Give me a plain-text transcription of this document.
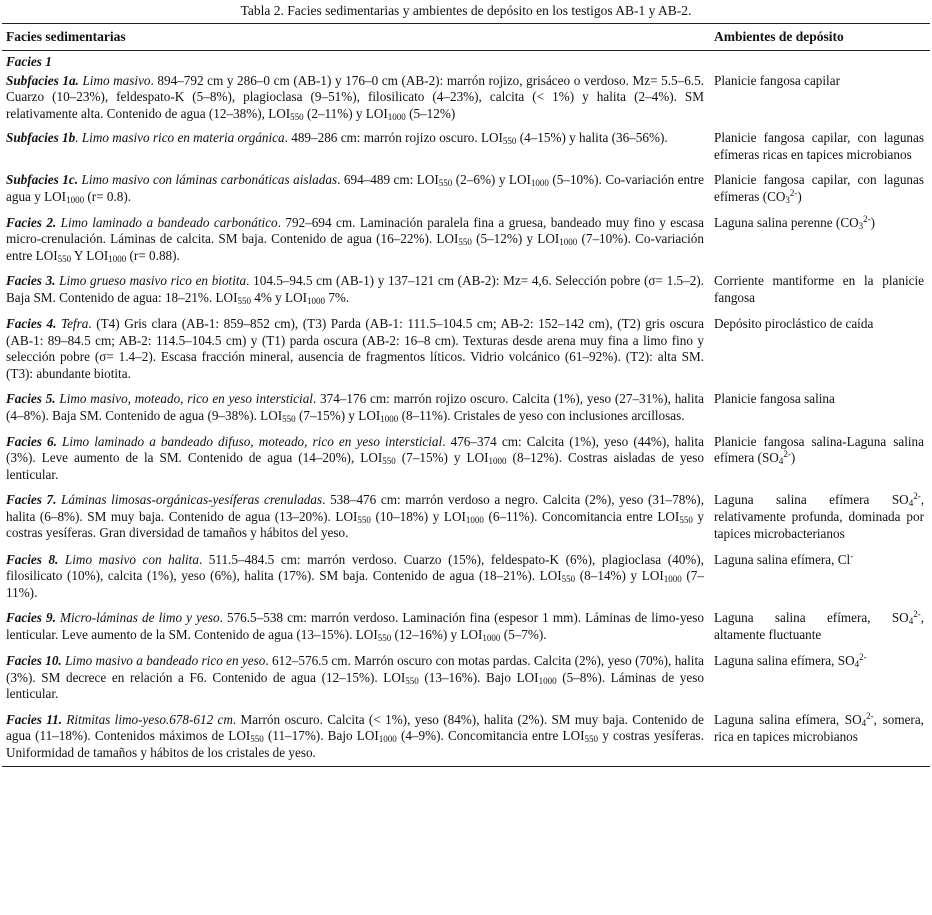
Tabla 2. Facies sedimentarias y ambientes de depósito en los testigos AB-1 y AB-2.
Facies sedimentarias	Ambientes de depósito
Facies 1
Subfacies 1a. Limo masivo. 894–792 cm y 286–0 cm (AB-1) y 176–0 cm (AB-2): marrón rojizo, grisáceo o verdoso. Mz= 5.5–6.5. Cuarzo (10–23%), feldespato-K (5–8%), plagioclasa (9–51%), filosilicato (4–23%), calcita (< 1%) y halita (2–4%). SM relativamente alta. Contenido de agua (12–38%), $LOI_{550}$ (2–11%) y $LOI_{1000}$ (5–12%)
Planicie fangosa capilar
Subfacies 1b. Limo masivo rico en materia orgánica. 489–286 cm: marrón rojizo oscuro. $LOI_{550}$ (4–15%) y halita (36–56%).	Planicie fangosa capilar, con lagunas efímeras ricas en tapices microbianos
Subfacies 1c. Limo masivo con láminas carbonáticas aisladas. 694–489 cm: $LOI_{550}$ (2–6%) y $LOI_{1000}$ (5–10%). Co-variación entre agua y $LOI_{1000}$ (r= 0.8).
Planicie fangosa capilar, con lagunas efímeras $(CO_3^{2-})$
Facies 2. Limo laminado a bandeado carbonático. 792–694 cm. Laminación paralela fina a gruesa, bandeado muy fino y escasa micro-crenulación. Láminas de calcita. SM baja. Contenido de agua (16–22%). $LOI_{550}$ (5–12%) y $LOI_{1000}$ (7–10%). Co-variación entre $LOI_{550}$ Y $LOI_{1000}$ (r= 0.88).
Laguna salina perenne $(CO_3^{2-})$
Facies 3. Limo grueso masivo rico en biotita. 104.5–94.5 cm (AB-1) y 137–121 cm (AB-2): Mz= 4,6. Selección pobre (σ= 1.5–2). Baja SM. Contenido de agua: 18–21%. $LOI_{550}$ 4% y $LOI_{1000}$ 7%.
Corriente mantiforme en la planicie fangosa
Facies 4. Tefra. (T4) Gris clara (AB-1: 859–852 cm), (T3) Parda (AB-1: 111.5–104.5 cm; AB-2: 152–142 cm), (T2) gris oscura (AB-1: 89–84.5 cm; AB-2: 114.5–104.5 cm) y (T1) parda oscura (AB-2: 16–8 cm). Texturas desde arena muy fina a limo fino y selección pobre (σ= 1.4–2). Escasa fracción mineral, ausencia de fragmentos líticos. Vidrio volcánico (61–92%). (T2): alta SM. (T3): abundante biotita.
Depósito piroclástico de caída
Facies 5. Limo masivo, moteado, rico en yeso intersticial. 374–176 cm: marrón rojizo oscuro. Calcita (1%), yeso (27–31%), halita (4–8%). Baja SM. Contenido de agua (9–38%). $LOI_{550}$ (7–15%) y $LOI_{1000}$ (8–11%). Cristales de yeso con inclusiones arcillosas.
Planicie fangosa salina
Facies 6. Limo laminado a bandeado difuso, moteado, rico en yeso intersticial. 476–374 cm: Calcita (1%), yeso (44%), halita (3%). Leve aumento de la SM. Contenido de agua (14–20%), $LOI_{550}$ (7–15%) y $LOI_{1000}$ (8–12%). Costras aisladas de yeso lenticular.
Planicie fangosa salina-Laguna salina efímera $(SO_4^{2-})$
Facies 7. Láminas limosas-orgánicas-yesíferas crenuladas. 538–476 cm: marrón verdoso a negro. Calcita (2%), yeso (31–78%), halita (6–8%). SM muy baja. Contenido de agua (13–20%). $LOI_{550}$ (10–18%) y $LOI_{1000}$ (6–11%). Concomitancia entre $LOI_{550}$ y costras yesíferas. Gran diversidad de tamaños y hábitos del yeso.
Laguna salina efímera $SO_4^{2-}$, relativamente profunda, dominada por tapices microbacterianos
Facies 8. Limo masivo con halita. 511.5–484.5 cm: marrón verdoso. Cuarzo (15%), feldespato-K (6%), plagioclasa (40%), filosilicato (10%), calcita (1%), yeso (6%), halita (17%). SM baja. Contenido de agua (18–21%). $LOI_{550}$ (8–14%) y $LOI_{1000}$ (7–11%).
Laguna salina efímera, Cl-
Facies 9. Micro-láminas de limo y yeso. 576.5–538 cm: marrón verdoso. Laminación fina (espesor 1 mm). Láminas de limo-yeso lenticular. Leve aumento de la SM. Contenido de agua (13–15%). $LOI_{550}$ (12–16%) y $LOI_{1000}$ (5–7%).
Laguna salina efímera, $SO_4^{2-}$, altamente fluctuante
Facies 10. Limo masivo a bandeado rico en yeso. 612–576.5 cm. Marrón oscuro con motas pardas. Calcita (2%), yeso (70%), halita (3%). SM decrece en relación a F6. Contenido de agua (12–15%). $LOI_{550}$ (13–16%). Bajo $LOI_{1000}$ (5–8%). Láminas de yeso lenticular.
Laguna salina efímera, $SO_4^{2-}$
Facies 11. Ritmitas limo-yeso.678-612 cm. Marrón oscuro. Calcita (< 1%), yeso (84%), halita (2%). SM muy baja. Contenido de agua (11–18%). Contenidos máximos de $LOI_{550}$ (11–17%). Bajo $LOI_{1000}$ (4–9%). Concomitancia entre $LOI_{550}$ y costras yesíferas. Uniformidad de tamaños y hábitos de los cristales de yeso.
Laguna salina efímera, $SO_4^{2-}$, somera, rica en tapices microbianos
